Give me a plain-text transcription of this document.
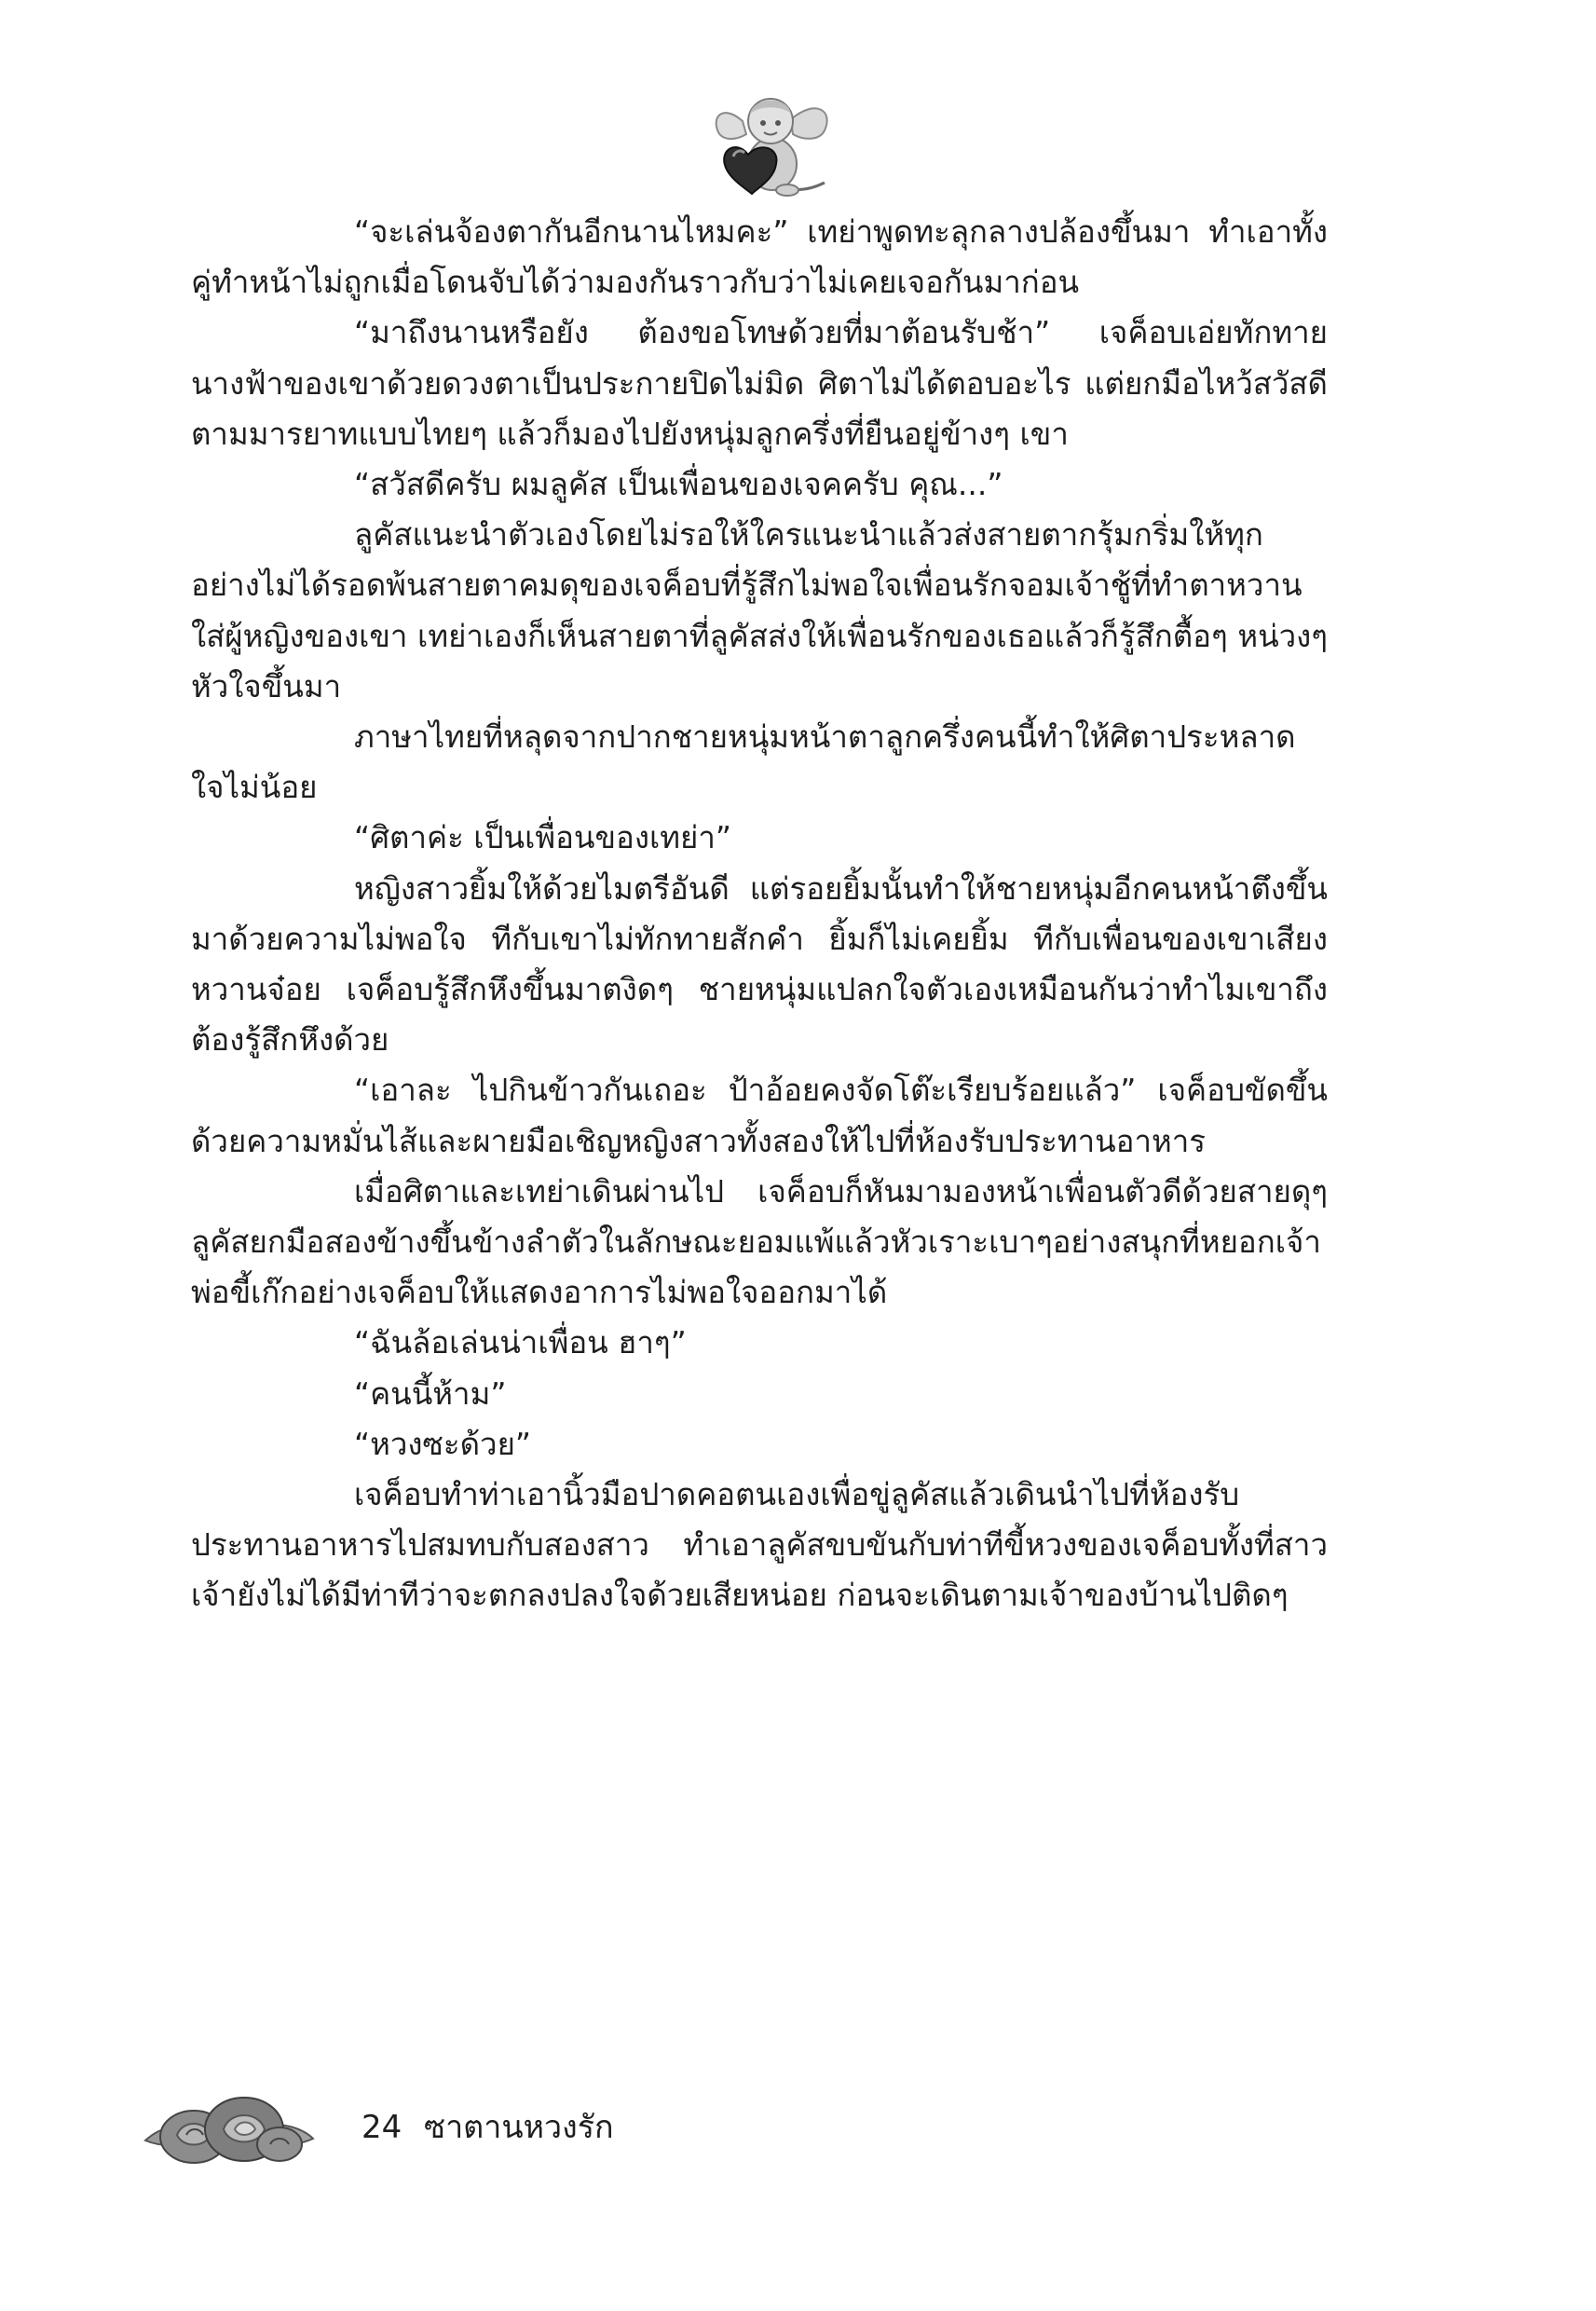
“จะเล่นจ้องตากันอีกนานไหมคะ” เทย่าพูดทะลุกลางปล้องขึ้นมา ทำเอาทั้งคู่ทำหน้าไม่ถูกเมื่อโดนจับได้ว่ามองกันราวกับว่าไม่เคยเจอกันมาก่อน

“มาถึงนานหรือยัง ต้องขอโทษด้วยที่มาต้อนรับช้า” เจค็อบเอ่ยทักทายนางฟ้าของเขาด้วยดวงตาเป็นประกายปิดไม่มิด ศิตาไม่ได้ตอบอะไร แต่ยกมือไหว้สวัสดีตามมารยาทแบบไทยๆ แล้วก็มองไปยังหนุ่มลูกครึ่งที่ยืนอยู่ข้างๆ เขา

“สวัสดีครับ ผมลูคัส เป็นเพื่อนของเจคครับ คุณ...”

ลูคัสแนะนำตัวเองโดยไม่รอให้ใครแนะนำแล้วส่งสายตากรุ้มกริ่มให้ทุกอย่างไม่ได้รอดพ้นสายตาคมดุของเจค็อบที่รู้สึกไม่พอใจเพื่อนรักจอมเจ้าชู้ที่ทำตาหวานใส่ผู้หญิงของเขา เทย่าเองก็เห็นสายตาที่ลูคัสส่งให้เพื่อนรักของเธอแล้วก็รู้สึกตื้อๆ หน่วงๆ หัวใจขึ้นมา

ภาษาไทยที่หลุดจากปากชายหนุ่มหน้าตาลูกครึ่งคนนี้ทำให้ศิตาประหลาดใจไม่น้อย

“ศิตาค่ะ เป็นเพื่อนของเทย่า”

หญิงสาวยิ้มให้ด้วยไมตรีอันดี แต่รอยยิ้มนั้นทำให้ชายหนุ่มอีกคนหน้าตึงขึ้นมาด้วยความไม่พอใจ ทีกับเขาไม่ทักทายสักคำ ยิ้มก็ไม่เคยยิ้ม ทีกับเพื่อนของเขาเสียงหวานจ๋อย เจค็อบรู้สึกหึงขึ้นมาตงิดๆ ชายหนุ่มแปลกใจตัวเองเหมือนกันว่าทำไมเขาถึงต้องรู้สึกหึงด้วย

“เอาละ ไปกินข้าวกันเถอะ ป้าอ้อยคงจัดโต๊ะเรียบร้อยแล้ว” เจค็อบขัดขึ้นด้วยความหมั่นไส้และผายมือเชิญหญิงสาวทั้งสองให้ไปที่ห้องรับประทานอาหาร

เมื่อศิตาและเทย่าเดินผ่านไป เจค็อบก็หันมามองหน้าเพื่อนตัวดีด้วยสายดุๆ ลูคัสยกมือสองข้างขึ้นข้างลำตัวในลักษณะยอมแพ้แล้วหัวเราะเบาๆอย่างสนุกที่หยอกเจ้าพ่อขี้เก๊กอย่างเจค็อบให้แสดงอาการไม่พอใจออกมาได้

“ฉันล้อเล่นน่าเพื่อน ฮาๆ”

“คนนี้ห้าม”

“หวงซะด้วย”

เจค็อบทำท่าเอานิ้วมือปาดคอตนเองเพื่อขู่ลูคัสแล้วเดินนำไปที่ห้องรับประทานอาหารไปสมทบกับสองสาว ทำเอาลูคัสขบขันกับท่าทีขี้หวงของเจค็อบทั้งที่สาวเจ้ายังไม่ได้มีท่าทีว่าจะตกลงปลงใจด้วยเสียหน่อย ก่อนจะเดินตามเจ้าของบ้านไปติดๆ

24 ซาตานหวงรัก
